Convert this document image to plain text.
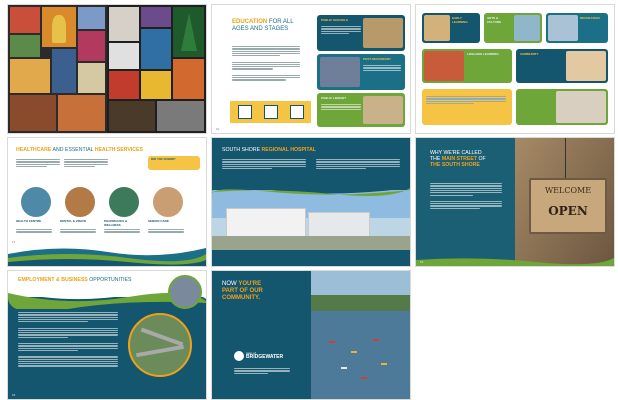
EDUCATION FOR ALL AGES AND STAGES
10
PUBLIC SCHOOLS
POST-SECONDARY
PUBLIC LIBRARY
EARLY LEARNING
ARTS & CULTURE
RECREATION
LIFELONG LEARNING	COMMUNITY
HEALTHCARE AND ESSENTIAL HEALTH SERVICES
DID YOU KNOW?
HEALTH CENTRE	DENTAL & VISION	PHARMACIES & WELLNESS
SENIOR CARE
12
SOUTH SHORE REGIONAL HOSPITAL	WHY WE'RE CALLED
THE MAIN STREET OF
THE SOUTH SHORE
WELCOME
OPEN
15
EMPLOYMENT & BUSINESS OPPORTUNITIES
16
NOW YOU'RE
PART OF OUR
COMMUNITY.
town of
BRIDGEWATER
